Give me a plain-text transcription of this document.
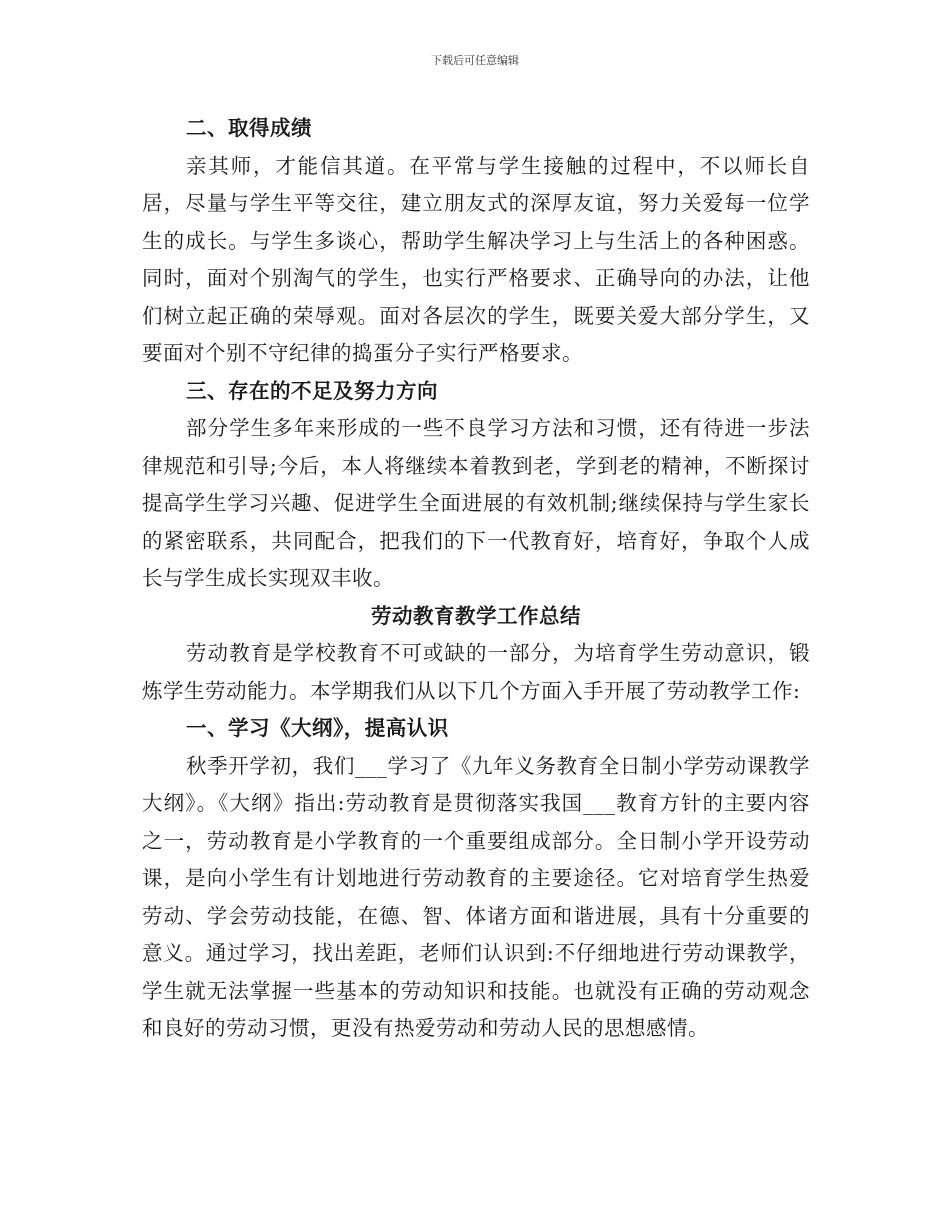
下载后可任意编辑

二、取得成绩

亲其师，才能信其道。在平常与学生接触的过程中，不以师长自居，尽量与学生平等交往，建立朋友式的深厚友谊，努力关爱每一位学生的成长。与学生多谈心，帮助学生解决学习上与生活上的各种困惑。同时，面对个别淘气的学生，也实行严格要求、正确导向的办法，让他们树立起正确的荣辱观。面对各层次的学生，既要关爱大部分学生，又要面对个别不守纪律的捣蛋分子实行严格要求。

三、存在的不足及努力方向

部分学生多年来形成的一些不良学习方法和习惯，还有待进一步法律规范和引导;今后，本人将继续本着教到老，学到老的精神，不断探讨提高学生学习兴趣、促进学生全面进展的有效机制;继续保持与学生家长的紧密联系，共同配合，把我们的下一代教育好，培育好，争取个人成长与学生成长实现双丰收。

劳动教育教学工作总结

劳动教育是学校教育不可或缺的一部分，为培育学生劳动意识，锻炼学生劳动能力。本学期我们从以下几个方面入手开展了劳动教学工作:

一、学习《大纲》，提高认识

秋季开学初，我们___学习了《九年义务教育全日制小学劳动课教学大纲》。《大纲》指出:劳动教育是贯彻落实我国___教育方针的主要内容之一，劳动教育是小学教育的一个重要组成部分。全日制小学开设劳动课，是向小学生有计划地进行劳动教育的主要途径。它对培育学生热爱劳动、学会劳动技能，在德、智、体诸方面和谐进展，具有十分重要的意义。通过学习，找出差距，老师们认识到:不仔细地进行劳动课教学，学生就无法掌握一些基本的劳动知识和技能。也就没有正确的劳动观念和良好的劳动习惯，更没有热爱劳动和劳动人民的思想感情。
